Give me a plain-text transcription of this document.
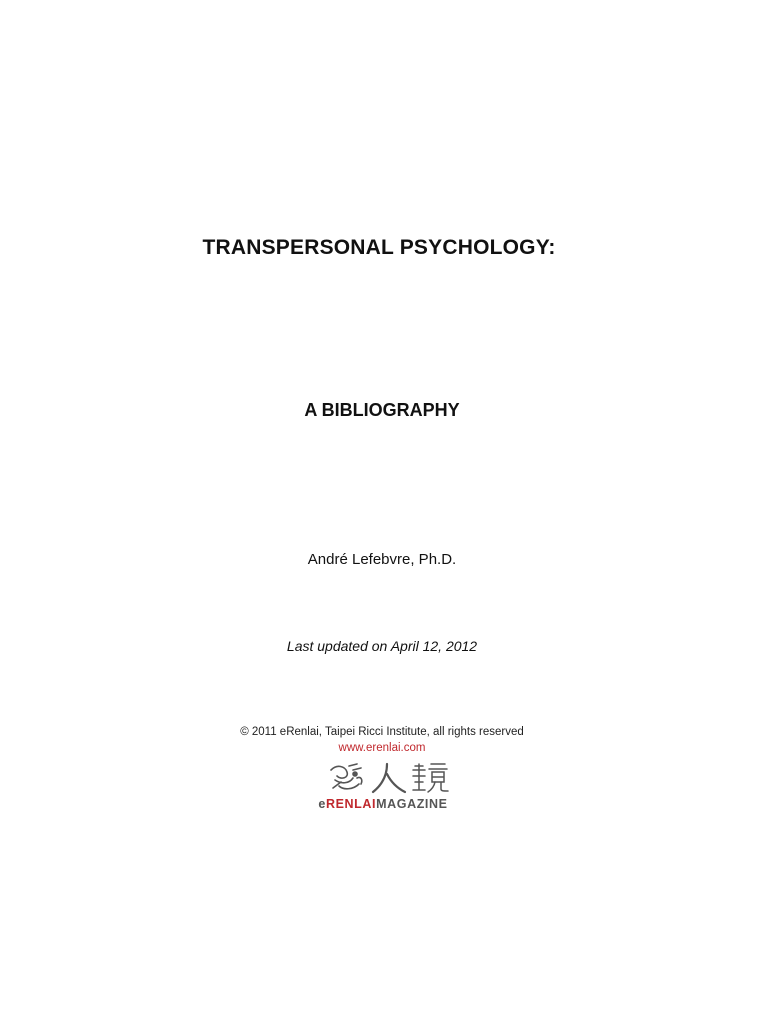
TRANSPERSONAL PSYCHOLOGY:
A BIBLIOGRAPHY
André Lefebvre, Ph.D.
Last updated on April 12, 2012
© 2011 eRenlai, Taipei Ricci Institute, all rights reserved
www.erenlai.com
eRENLAIMAGAZINE
